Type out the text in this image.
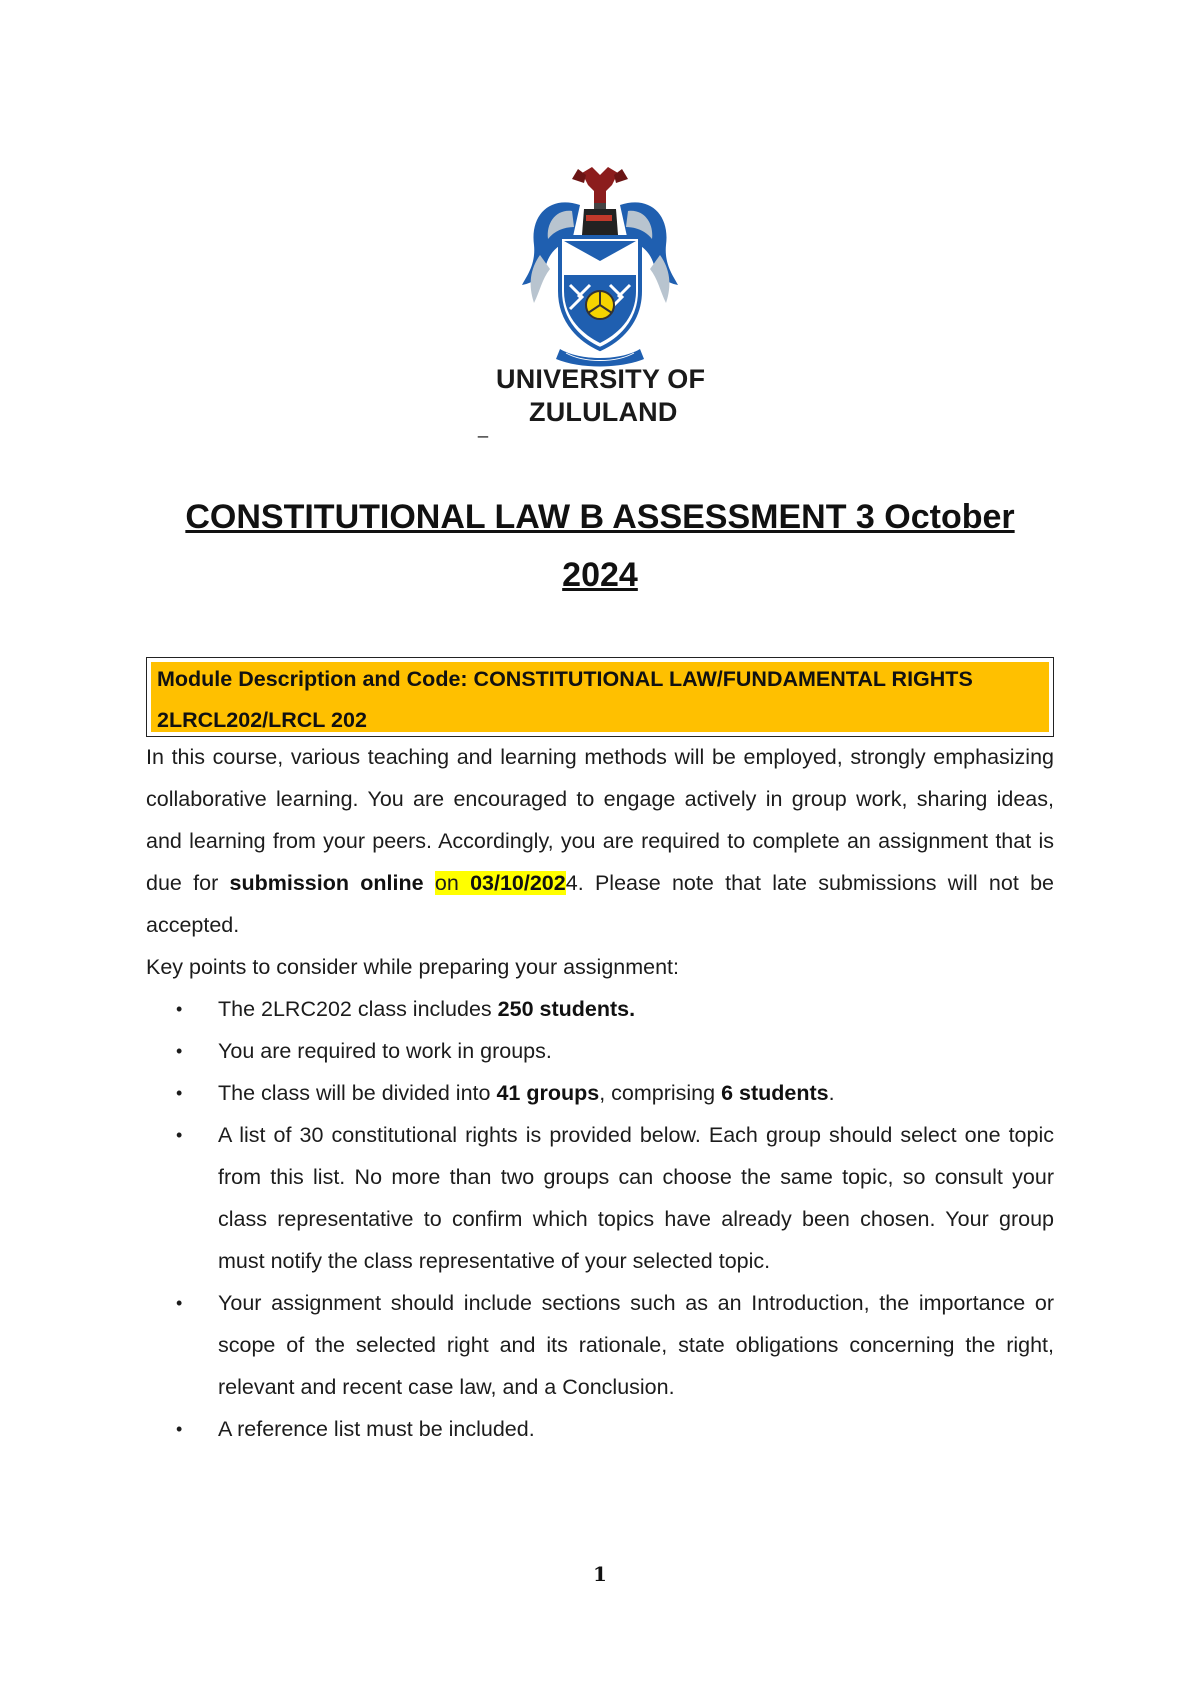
UNIVERSITY OF
ZULULAND
_
CONSTITUTIONAL LAW B ASSESSMENT 3 October 2024
Module Description and Code: CONSTITUTIONAL LAW/FUNDAMENTAL RIGHTS 2LRCL202/LRCL 202

In this course, various teaching and learning methods will be employed, strongly emphasizing collaborative learning. You are encouraged to engage actively in group work, sharing ideas, and learning from your peers. Accordingly, you are required to complete an assignment that is due for submission online on 03/10/2024. Please note that late submissions will not be accepted.

Key points to consider while preparing your assignment:

• The 2LRC202 class includes 250 students.
• You are required to work in groups.
• The class will be divided into 41 groups, comprising 6 students.
• A list of 30 constitutional rights is provided below. Each group should select one topic from this list. No more than two groups can choose the same topic, so consult your class representative to confirm which topics have already been chosen. Your group must notify the class representative of your selected topic.
• Your assignment should include sections such as an Introduction, the importance or scope of the selected right and its rationale, state obligations concerning the right, relevant and recent case law, and a Conclusion.
• A reference list must be included.
1
